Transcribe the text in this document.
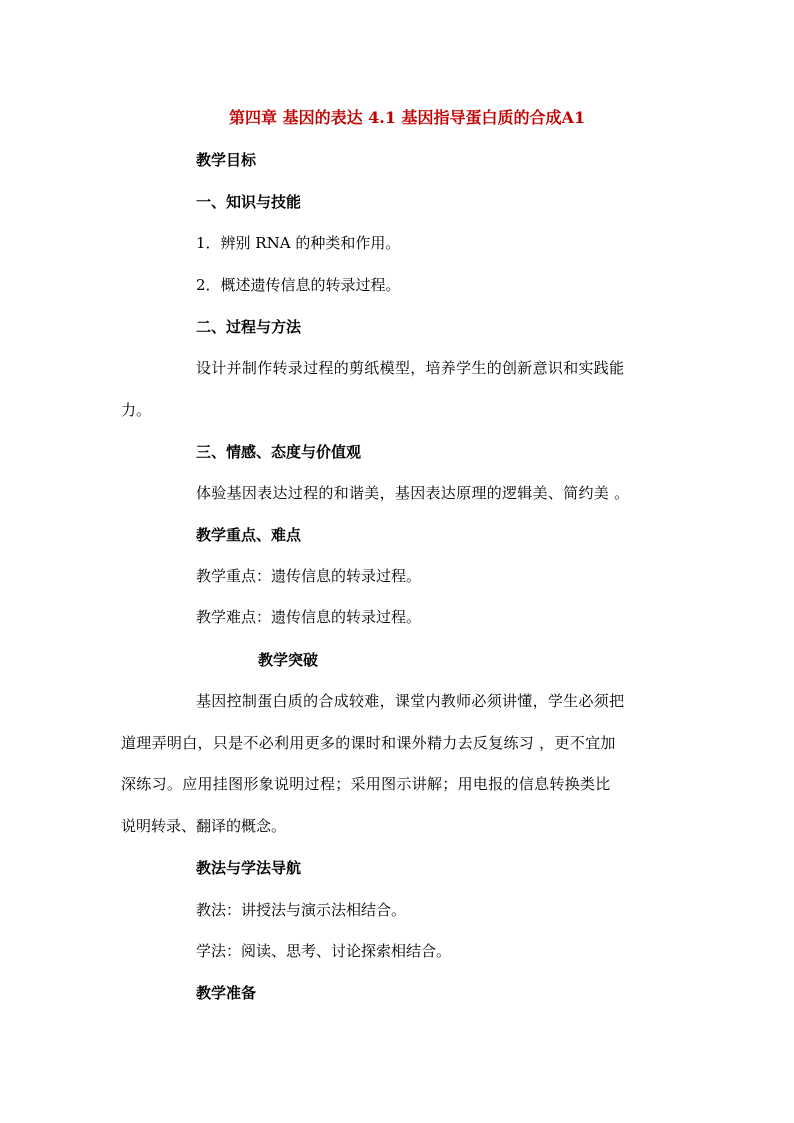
第四章 基因的表达 4.1 基因指导蛋白质的合成A1
教学目标
一、知识与技能
1．辨别 RNA 的种类和作用。
2．概述遗传信息的转录过程。
二、过程与方法
设计并制作转录过程的剪纸模型，培养学生的创新意识和实践能
力。
三、情感、态度与价值观
体验基因表达过程的和谐美，基因表达原理的逻辑美、简约美 。
教学重点、难点
教学重点：遗传信息的转录过程。
教学难点：遗传信息的转录过程。
教学突破
基因控制蛋白质的合成较难，课堂内教师必须讲懂，学生必须把
道理弄明白，只是不必利用更多的课时和课外精力去反复练习 ，更不宜加
深练习。应用挂图形象说明过程；采用图示讲解；用电报的信息转换类比
说明转录、翻译的概念。
教法与学法导航
教法：讲授法与演示法相结合。
学法：阅读、思考、讨论探索相结合。
教学准备
